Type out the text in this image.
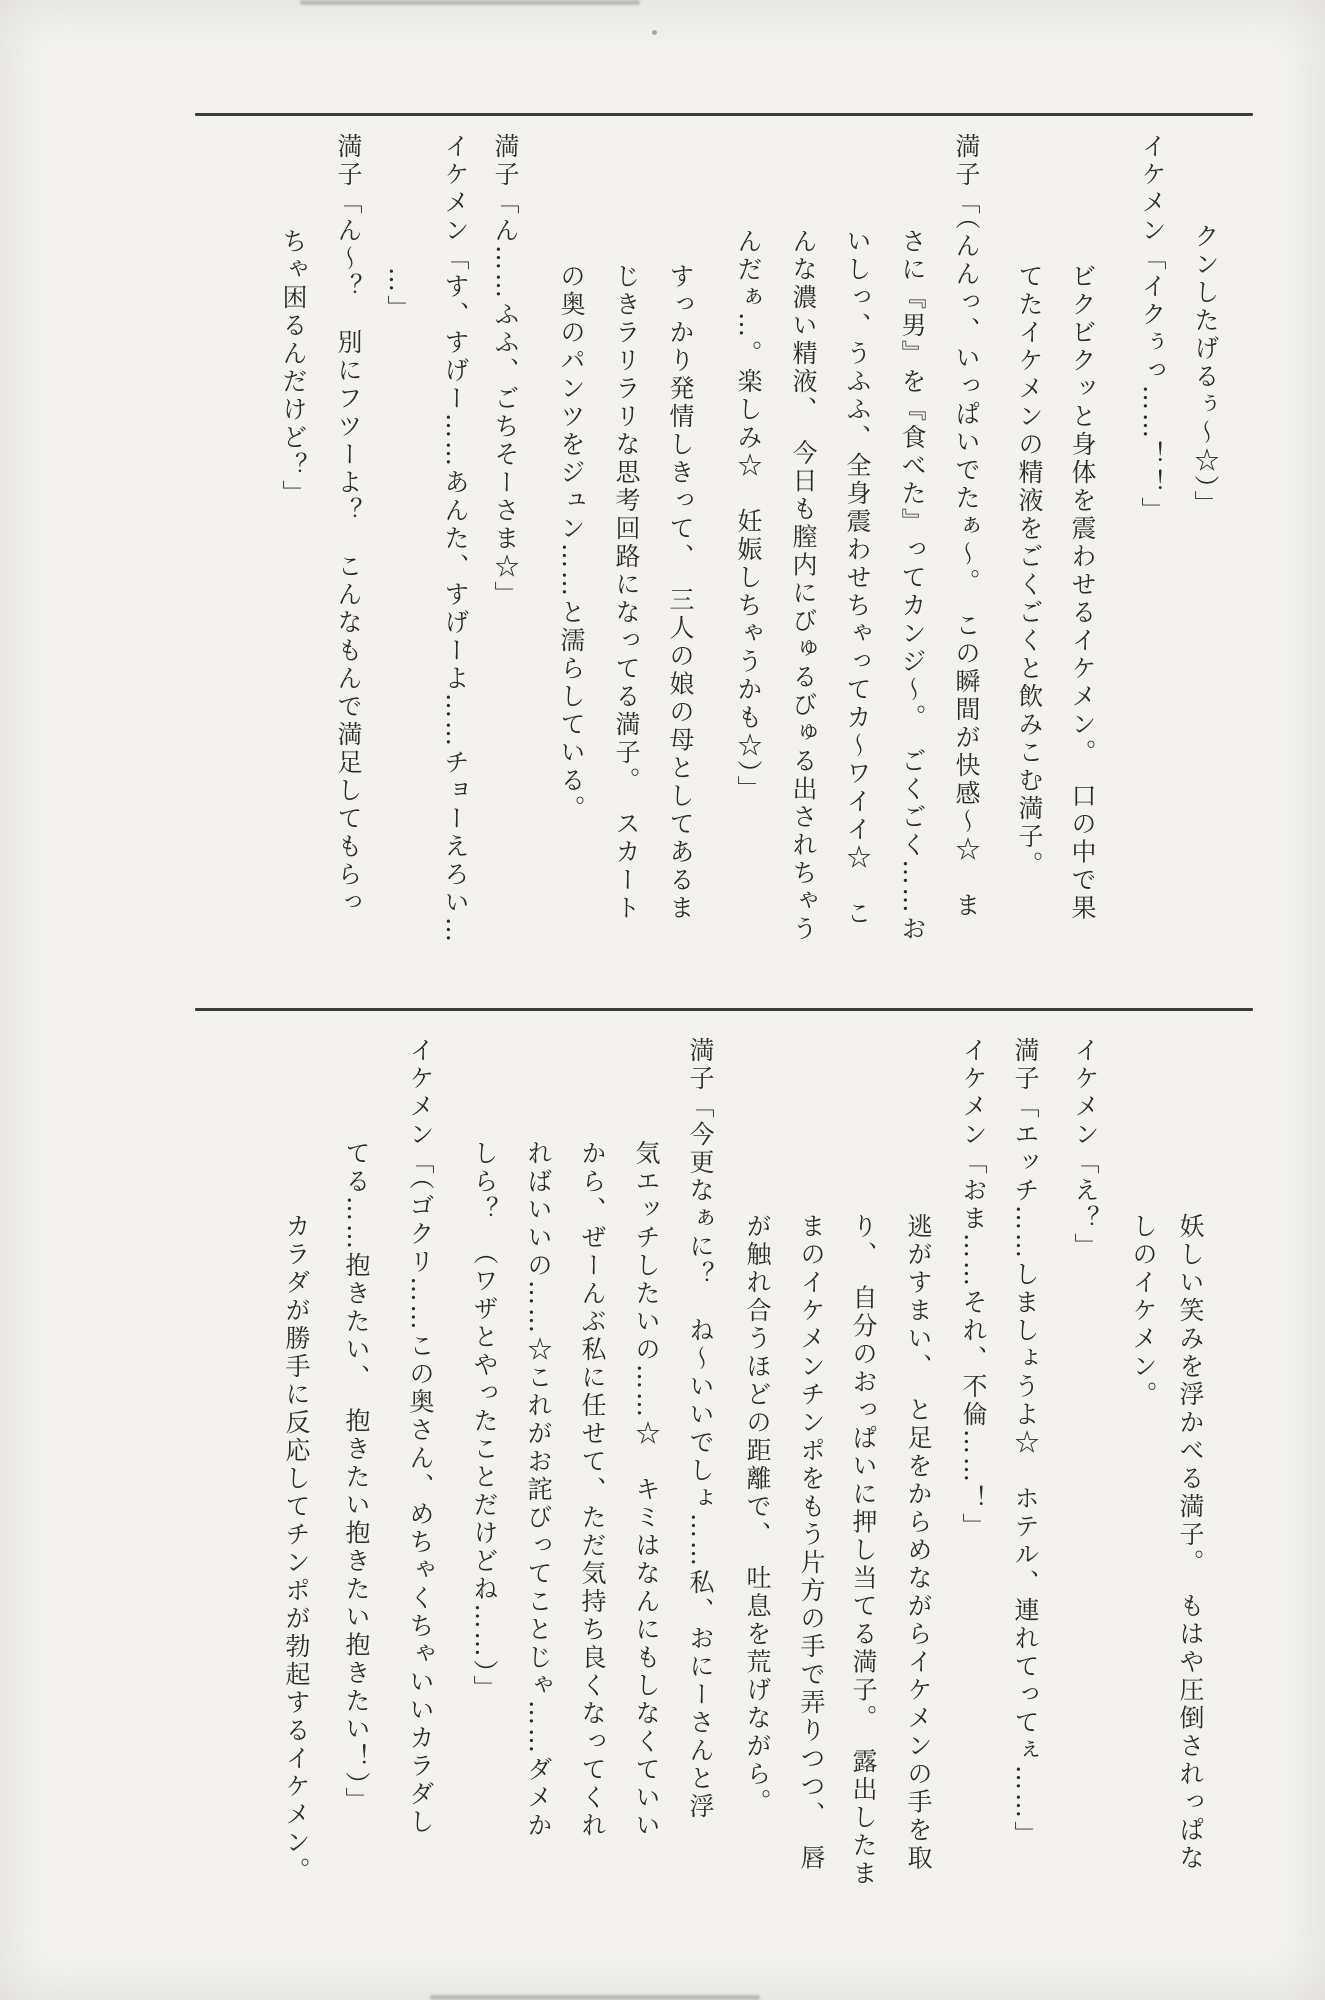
クンしたげるぅ～☆）」
イケメン「イクぅっ……！！」
ビクビクッと身体を震わせるイケメン。　口の中で果
てたイケメンの精液をごくごくと飲みこむ満子。
満子「（んんっ、いっぱいでたぁ～。　この瞬間が快感～☆　ま
さに『男』を『食べた』ってカンジ～。　ごくごく……お
いしっ、うふふ、全身震わせちゃってカ～ワイイ☆　こ
んな濃い精液、　今日も膣内にびゅるびゅる出されちゃう
んだぁ…。楽しみ☆　妊娠しちゃうかも☆）」
すっかり発情しきって、　三人の娘の母としてあるま
じきラリラリな思考回路になってる満子。　スカート
の奥のパンツをジュン……と濡らしている。
満子「ん……ふふ、ごちそーさま☆」
イケメン「す、すげー……あんた、すげーよ……チョーえろい…
…」
満子「ん～？　別にフツーよ？　こんなもんで満足してもらっ
ちゃ困るんだけど？」
妖しい笑みを浮かべる満子。　もはや圧倒されっぱな
しのイケメン。
イケメン「え？」
満子「エッチ……しましょうよ☆　ホテル、連れてってぇ……」
イケメン「おま……それ、不倫……！」
逃がすまい、　と足をからめながらイケメンの手を取
り、　自分のおっぱいに押し当てる満子。　露出したま
まのイケメンチンポをもう片方の手で弄りつつ、　唇
が触れ合うほどの距離で、　吐息を荒げながら。
満子「今更なぁに？　ね～いいでしょ……私、おにーさんと浮
気エッチしたいの……☆　キミはなんにもしなくていい
から、ぜーんぶ私に任せて、ただ気持ち良くなってくれ
ればいいの……☆これがお詫びってことじゃ……ダメか
しら？　（ワザとやったことだけどね……）」
イケメン「（ゴクリ……この奥さん、めちゃくちゃいいカラダし
てる……抱きたい、　抱きたい抱きたい抱きたい！）」
カラダが勝手に反応してチンポが勃起するイケメン。
